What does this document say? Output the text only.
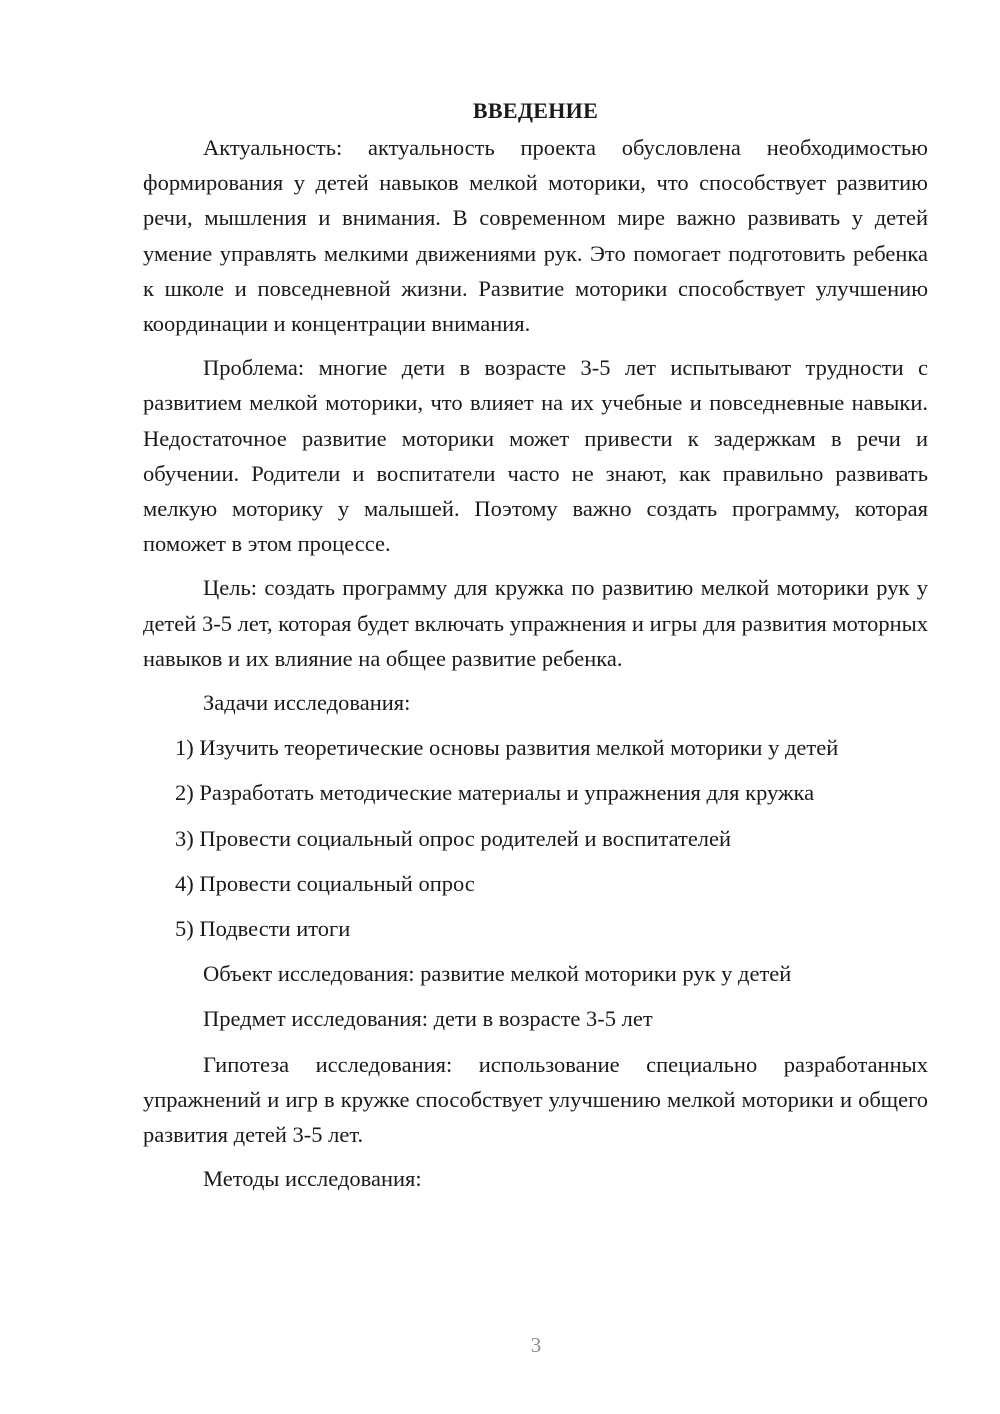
ВВЕДЕНИЕ

Актуальность: актуальность проекта обусловлена необходимостью формирования у детей навыков мелкой моторики, что способствует развитию речи, мышления и внимания. В современном мире важно развивать у детей умение управлять мелкими движениями рук. Это помогает подготовить ребенка к школе и повседневной жизни. Развитие моторики способствует улучшению координации и концентрации внимания.

Проблема: многие дети в возрасте 3-5 лет испытывают трудности с развитием мелкой моторики, что влияет на их учебные и повседневные навыки. Недостаточное развитие моторики может привести к задержкам в речи и обучении. Родители и воспитатели часто не знают, как правильно развивать мелкую моторику у малышей. Поэтому важно создать программу, которая поможет в этом процессе.

Цель: создать программу для кружка по развитию мелкой моторики рук у детей 3-5 лет, которая будет включать упражнения и игры для развития моторных навыков и их влияние на общее развитие ребенка.

Задачи исследования:

1) Изучить теоретические основы развития мелкой моторики у детей
2) Разработать методические материалы и упражнения для кружка
3) Провести социальный опрос родителей и воспитателей
4) Провести социальный опрос
5) Подвести итоги

Объект исследования: развитие мелкой моторики рук у детей

Предмет исследования: дети в возрасте 3-5 лет

Гипотеза исследования: использование специально разработанных упражнений и игр в кружке способствует улучшению мелкой моторики и общего развития детей 3-5 лет.

Методы исследования:

3
